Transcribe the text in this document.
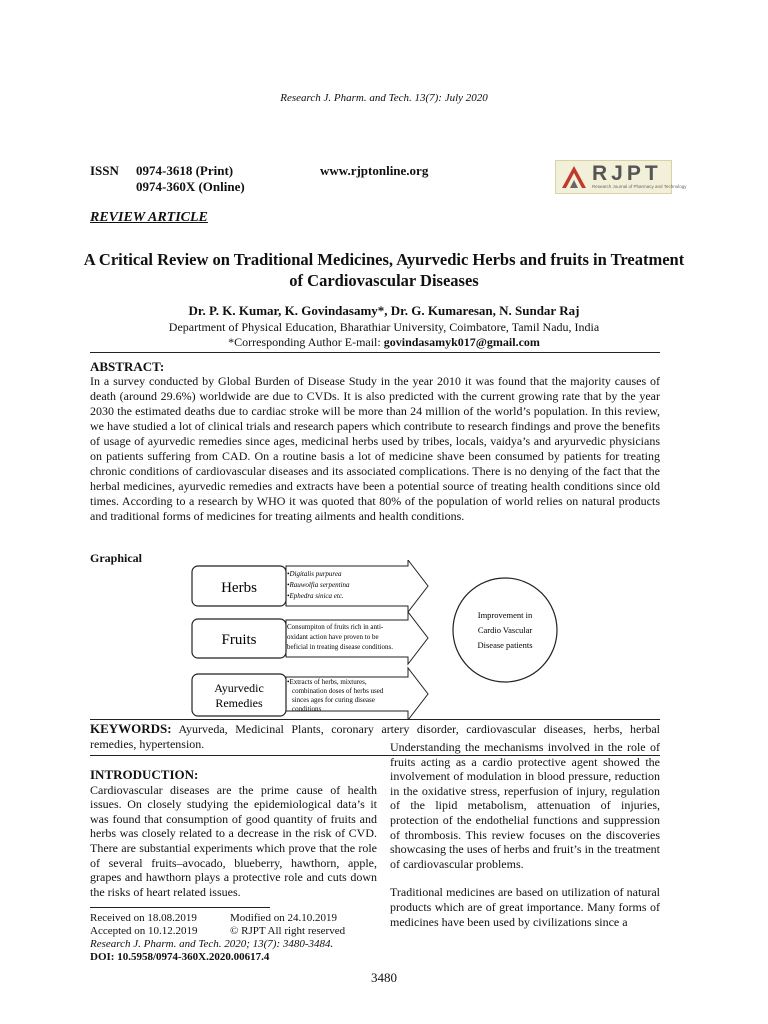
Research J. Pharm. and Tech. 13(7): July 2020
ISSN 0974-3618 (Print)
0974-360X (Online)
www.rjptonline.org	RJPT
Research Journal of Pharmacy and Technology
REVIEW ARTICLE
A Critical Review on Traditional Medicines, Ayurvedic Herbs and fruits in Treatment of Cardiovascular Diseases
Dr. P. K. Kumar, K. Govindasamy*, Dr. G. Kumaresan, N. Sundar Raj
Department of Physical Education, Bharathiar University, Coimbatore, Tamil Nadu, India
*Corresponding Author E-mail: govindasamyk017@gmail.com
ABSTRACT:
In a survey conducted by Global Burden of Disease Study in the year 2010 it was found that the majority causes of death (around 29.6%) worldwide are due to CVDs. It is also predicted with the current growing rate that by the year 2030 the estimated deaths due to cardiac stroke will be more than 24 million of the world’s population. In this review, we have studied a lot of clinical trials and research papers which contribute to research findings and prove the benefits of usage of ayurvedic remedies since ages, medicinal herbs used by tribes, locals, vaidya’s and aryurvedic physicians on patients suffering from CAD. On a routine basis a lot of medicine shave been consumed by patients for treating chronic conditions of cardiovascular diseases and its associated complications. There is no denying of the fact that the herbal medicines, ayurvedic remedies and extracts have been a potential source of treating health conditions since old times. According to a research by WHO it was quoted that 80% of the population of world relies on natural products and traditional forms of medicines for treating ailments and health conditions.
Graphical
Herbs
•Digitalis purpurea
•Rauwolfia serpentina
•Ephedra sinica etc.
Fruits
Consumpiton of fruits rich in anti-
oxidant action have proven to be
beficial in treating disease conditions.
Ayurvedic
Remedies
•Extracts of herbs, mixtures,
combination doses of herbs used
sinces ages for curing disease
conditions
Improvement in
Cardio Vascular
Disease patients
KEYWORDS: Ayurveda, Medicinal Plants, coronary artery disorder, cardiovascular diseases, herbs, herbal remedies, hypertension.

INTRODUCTION:

Cardiovascular diseases are the prime cause of health issues. On closely studying the epidemiological data’s it was found that consumption of good quantity of fruits and herbs was closely related to a decrease in the risk of CVD. There are substantial experiments which prove that the role of several fruits–avocado, blueberry, hawthorn, apple, grapes and hawthorn plays a protective role and cuts down the risks of heart related issues.

Understanding the mechanisms involved in the role of fruits acting as a cardio protective agent showed the involvement of modulation in blood pressure, reduction in the oxidative stress, reperfusion of injury, regulation of the lipid metabolism, attenuation of injuries, protection of the endothelial functions and suppression of thrombosis. This review focuses on the discoveries showcasing the uses of herbs and fruit’s in the treatment of cardiovascular problems.

Traditional medicines are based on utilization of natural products which are of great importance. Many forms of medicines have been used by civilizations since a

Received on 18.08.2019	Modified on 24.10.2019
Accepted on 10.12.2019	© RJPT All right reserved
Research J. Pharm. and Tech. 2020; 13(7): 3480-3484.
DOI: 10.5958/0974-360X.2020.00617.4
3480
